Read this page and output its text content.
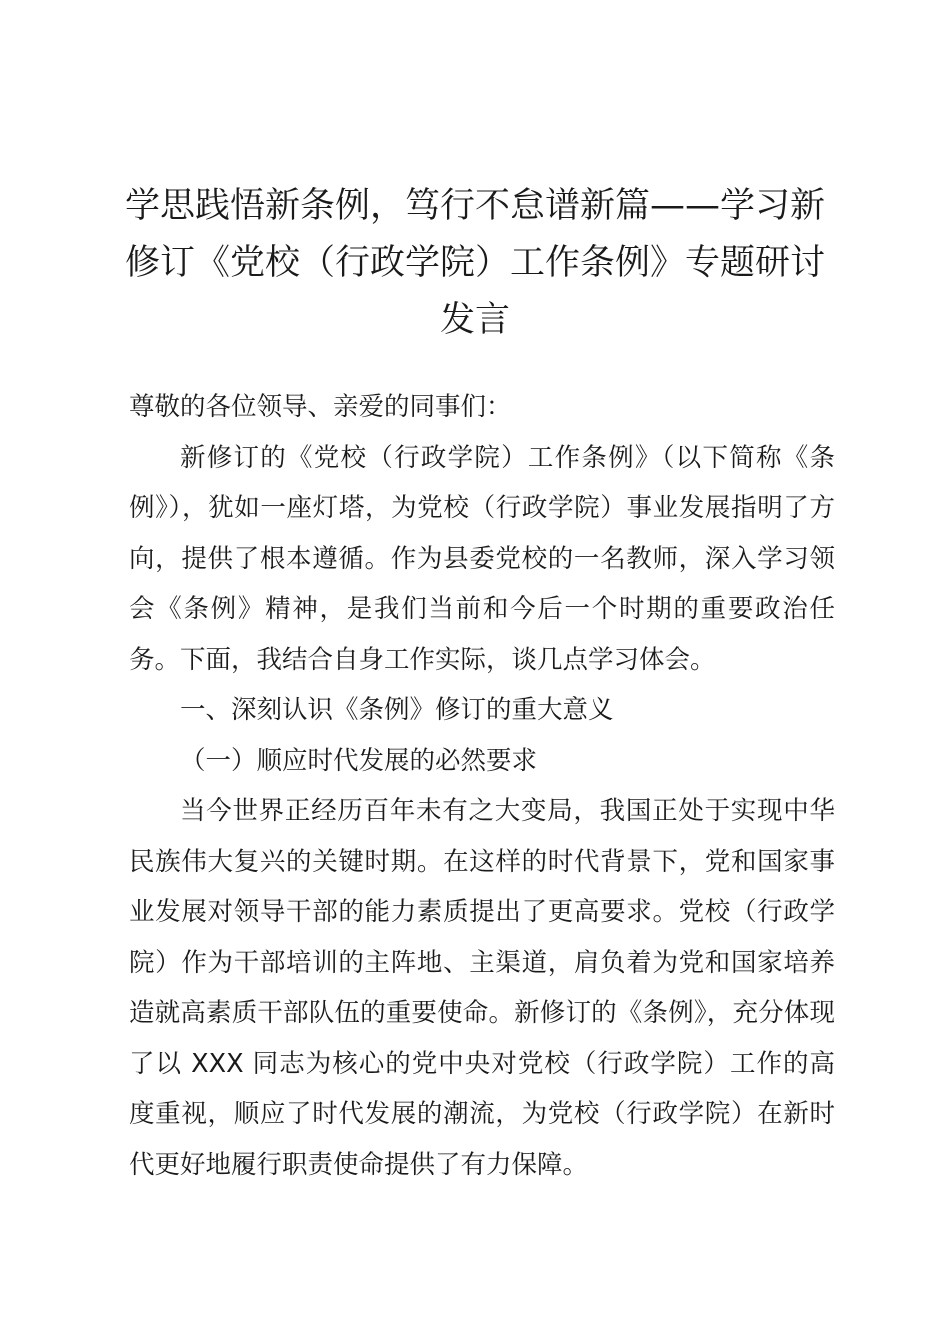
学思践悟新条例，笃行不怠谱新篇——学习新修订《党校（行政学院）工作条例》专题研讨发言

尊敬的各位领导、亲爱的同事们：

新修订的《党校（行政学院）工作条例》（以下简称《条例》），犹如一座灯塔，为党校（行政学院）事业发展指明了方向，提供了根本遵循。作为县委党校的一名教师，深入学习领会《条例》精神，是我们当前和今后一个时期的重要政治任务。下面，我结合自身工作实际，谈几点学习体会。

一、深刻认识《条例》修订的重大意义

（一）顺应时代发展的必然要求

当今世界正经历百年未有之大变局，我国正处于实现中华民族伟大复兴的关键时期。在这样的时代背景下，党和国家事业发展对领导干部的能力素质提出了更高要求。党校（行政学院）作为干部培训的主阵地、主渠道，肩负着为党和国家培养造就高素质干部队伍的重要使命。新修订的《条例》，充分体现了以 XXX 同志为核心的党中央对党校（行政学院）工作的高度重视，顺应了时代发展的潮流，为党校（行政学院）在新时代更好地履行职责使命提供了有力保障。
